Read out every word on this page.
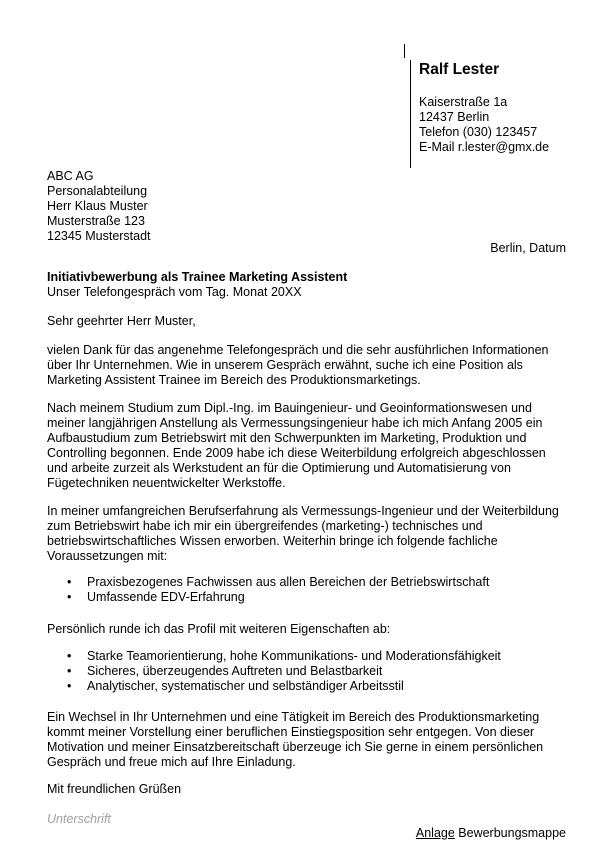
Ralf Lester
Kaiserstraße 1a
12437 Berlin
Telefon (030) 123457
E-Mail r.lester@gmx.de
ABC AG
Personalabteilung
Herr Klaus Muster
Musterstraße 123
12345 Musterstadt
Berlin, Datum
Initiativbewerbung als Trainee Marketing Assistent
Unser Telefongespräch vom Tag. Monat 20XX
Sehr geehrter Herr Muster,
vielen Dank für das angenehme Telefongespräch und die sehr ausführlichen Informationen
über Ihr Unternehmen. Wie in unserem Gespräch erwähnt, suche ich eine Position als
Marketing Assistent Trainee im Bereich des Produktionsmarketings.
Nach meinem Studium zum Dipl.-Ing. im Bauingenieur- und Geoinformationswesen und
meiner langjährigen Anstellung als Vermessungsingenieur habe ich mich Anfang 2005 ein
Aufbaustudium zum Betriebswirt mit den Schwerpunkten im Marketing, Produktion und
Controlling begonnen. Ende 2009 habe ich diese Weiterbildung erfolgreich abgeschlossen
und arbeite zurzeit als Werkstudent an für die Optimierung und Automatisierung von
Fügetechniken neuentwickelter Werkstoffe.
In meiner umfangreichen Berufserfahrung als Vermessungs-Ingenieur und der Weiterbildung
zum Betriebswirt habe ich mir ein übergreifendes (marketing-) technisches und
betriebswirtschaftliches Wissen erworben. Weiterhin bringe ich folgende fachliche
Voraussetzungen mit:
• Praxisbezogenes Fachwissen aus allen Bereichen der Betriebswirtschaft
• Umfassende EDV-Erfahrung
Persönlich runde ich das Profil mit weiteren Eigenschaften ab:
• Starke Teamorientierung, hohe Kommunikations- und Moderationsfähigkeit
• Sicheres, überzeugendes Auftreten und Belastbarkeit
• Analytischer, systematischer und selbständiger Arbeitsstil
Ein Wechsel in Ihr Unternehmen und eine Tätigkeit im Bereich des Produktionsmarketing
kommt meiner Vorstellung einer beruflichen Einstiegsposition sehr entgegen. Von dieser
Motivation und meiner Einsatzbereitschaft überzeuge ich Sie gerne in einem persönlichen
Gespräch und freue mich auf Ihre Einladung.
Mit freundlichen Grüßen
Unterschrift
Anlage Bewerbungsmappe
